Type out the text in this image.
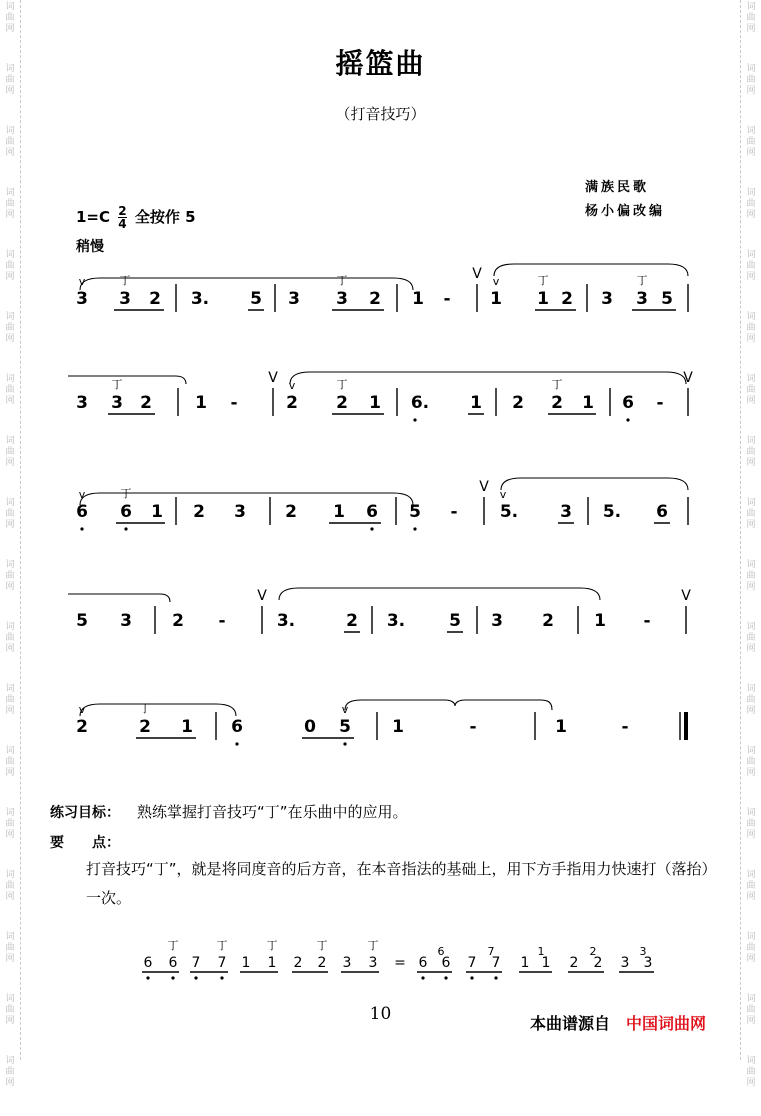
词
曲
网
词
曲
网
词
曲
网
词
曲
网
词
曲
网
词
曲
网
词
曲
网
词
曲
网
词
曲
网
词
曲
网
词
曲
网
词
曲
网
词
曲
网
词
曲
网
词
曲
网
词
曲
网
词
曲
网
词
曲
网
词
曲
网
词
曲
网
词
曲
网
词
曲
网
词
曲
网
词
曲
网
词
曲
网
词
曲
网
词
曲
网
词
曲
网
词
曲
网
词
曲
网
词
曲
网
词
曲
网
词
曲
网
词
曲
网
词
曲
网
词
曲
网
摇篮曲
（打音技巧）
满族民歌
杨小偏改编
$1=C \frac{2}{4}$ 全按作 5
稍慢
v
3 3
丁
2 3. 5 3 3
丁
2 1 -
V v
1 1
丁
2 3 3
丁
5
3 3
丁
2	1 -
V v
2 2
丁
1 6. 1 2 2
丁
1 6 -
V
v
6 6
丁
1 2 3 2 1 6 5 -
V v
5. 3 5. 6
5 3 2 -
V
3.	2 3.	5 3 2 1 -
V
v
2	2
丁
1 6	0 5
v
1	-	1	-
6 6
丁
7 7
丁
1 1
丁
2 2
丁
3 3
丁
= 6 6
6
7 7
7
1 1
1
2 2
2
3 3
3
练习目标： 熟练掌握打音技巧“丁”在乐曲中的应用。
要　　点：
打音技巧“丁”，就是将同度音的后方音，在本音指法的基础上，用下方手指用力快速打（落抬）一次。
10	本曲谱源自 中国词曲网
